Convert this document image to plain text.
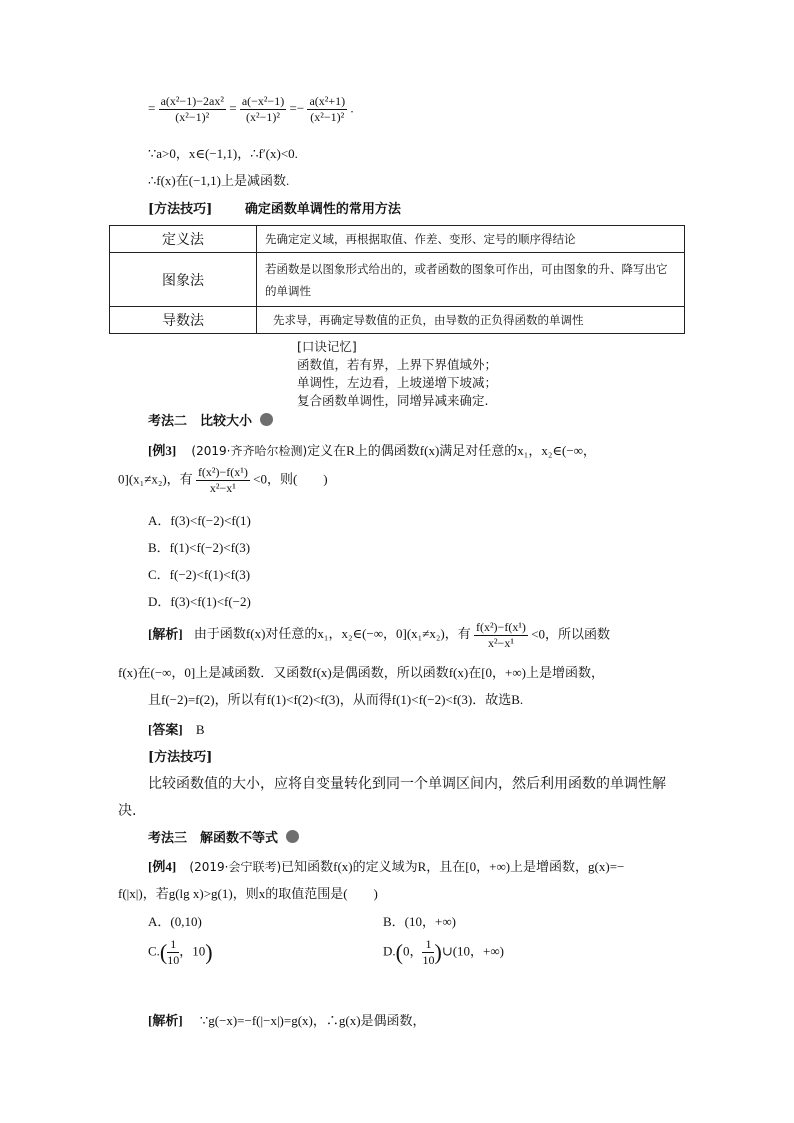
= $\frac{\text{a(x²−1)−2ax²}}{\text{(x²−1)²}} = \frac{\text{a(−x²−1)}}{\text{(x²−1)²}} =- \frac{\text{a(x²+1)}}{\text{(x²−1)²}}$ .
∵a>0，x∈(−1,1)，∴f′(x)<0.
∴f(x)在(−1,1)上是减函数.
[方法技巧]	确定函数单调性的常用方法
定义法	先确定定义域，再根据取值、作差、变形、定号的顺序得结论
图象法	若函数是以图象形式给出的，或者函数的图象可作出，可由图象的升、降写出它的单调性
导数法	先求导，再确定导数值的正负，由导数的正负得函数的单调性
[口诀记忆]
函数值，若有界，上界下界值域外；
单调性，左边看，上坡递增下坡减；
复合函数单调性，同增异减来确定.
考法二　比较大小
[例3] (2019·齐齐哈尔检测)定义在R上的偶函数f(x)满足对任意的x₁，x₂∈(−∞，
0](x₁≠x₂)，有 $\frac{\text{f(x²)−f(x¹)}}{\text{x²−x¹}} <0$，则(　　)
A．f(3)<f(−2)<f(1)
B．f(1)<f(−2)<f(3)
C．f(−2)<f(1)<f(3)
D．f(3)<f(1)<f(−2)
[解析] 由于函数f(x)对任意的x₁，x₂∈(−∞，0](x₁≠x₂)，有 $\frac{\text{f(x²)−f(x¹)}}{\text{x²−x¹}} <0$，所以函数
f(x)在(−∞，0]上是减函数．又函数f(x)是偶函数，所以函数f(x)在[0，+∞)上是增函数，
且f(−2)=f(2)，所以有f(1)<f(2)<f(3)，从而得f(1)<f(−2)<f(3)．故选B.
[答案] B
[方法技巧]
比较函数值的大小，应将自变量转化到同一个单调区间内，然后利用函数的单调性解
决.
考法三　解函数不等式
[例4] (2019·会宁联考)已知函数f(x)的定义域为R，且在[0，+∞)上是增函数，g(x)=−
f(|x|)，若g(lg x)>g(1)，则x的取值范围是(　　)
A．(0,10)	B．(10，+∞)
$C.( \frac{1}{10}$ ，10)	D.(0， $\frac{1}{10}$ )∪(10，+∞)
[解析] ∵g(−x)=−f(|−x|)=g(x)，∴g(x)是偶函数，
